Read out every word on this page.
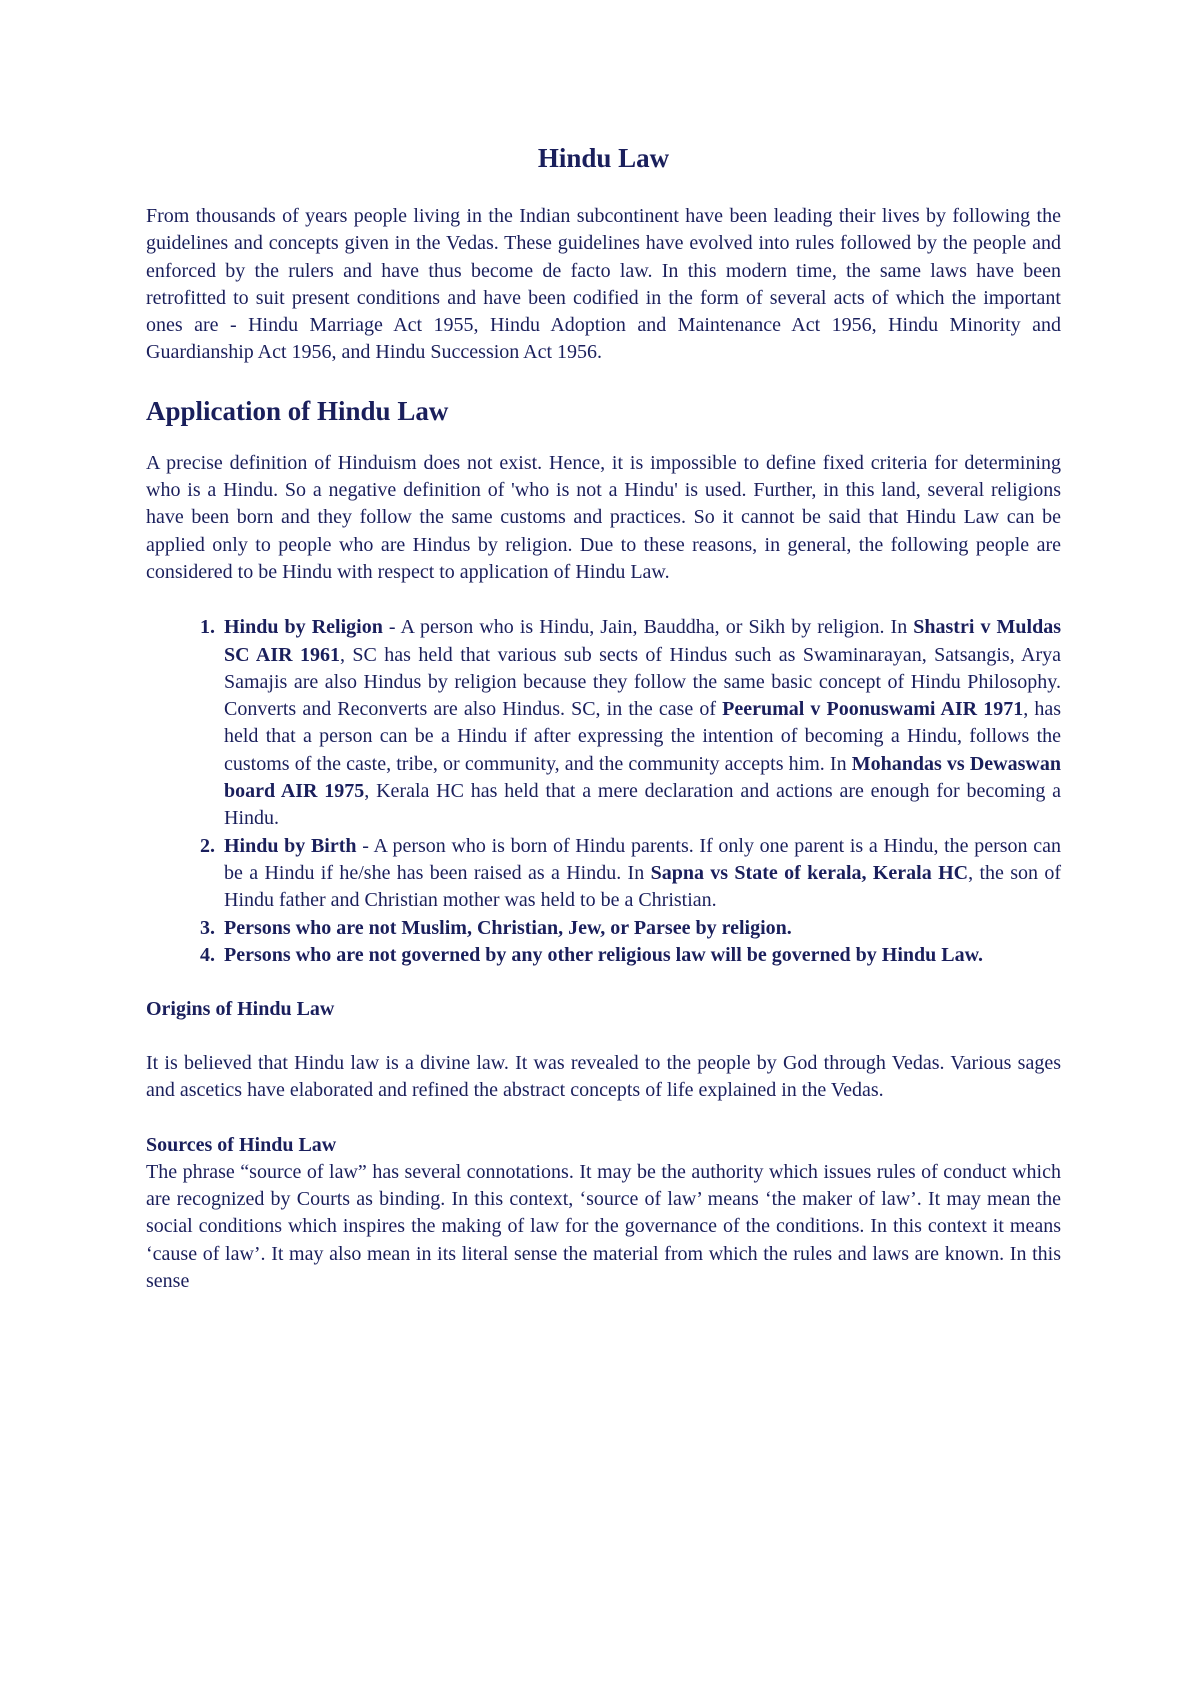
Hindu Law

From thousands of years people living in the Indian subcontinent have been leading their lives by following the guidelines and concepts given in the Vedas. These guidelines have evolved into rules followed by the people and enforced by the rulers and have thus become de facto law. In this modern time, the same laws have been retrofitted to suit present conditions and have been codified in the form of several acts of which the important ones are - Hindu Marriage Act 1955, Hindu Adoption and Maintenance Act 1956, Hindu Minority and Guardianship Act 1956, and Hindu Succession Act 1956.

Application of Hindu Law

A precise definition of Hinduism does not exist. Hence, it is impossible to define fixed criteria for determining who is a Hindu. So a negative definition of 'who is not a Hindu' is used. Further, in this land, several religions have been born and they follow the same customs and practices. So it cannot be said that Hindu Law can be applied only to people who are Hindus by religion. Due to these reasons, in general, the following people are considered to be Hindu with respect to application of Hindu Law.

1. Hindu by Religion - A person who is Hindu, Jain, Bauddha, or Sikh by religion. In Shastri v Muldas SC AIR 1961, SC has held that various sub sects of Hindus such as Swaminarayan, Satsangis, Arya Samajis are also Hindus by religion because they follow the same basic concept of Hindu Philosophy. Converts and Reconverts are also Hindus. SC, in the case of Peerumal v Poonuswami AIR 1971, has held that a person can be a Hindu if after expressing the intention of becoming a Hindu, follows the customs of the caste, tribe, or community, and the community accepts him. In Mohandas vs Dewaswan board AIR 1975, Kerala HC has held that a mere declaration and actions are enough for becoming a Hindu.
2. Hindu by Birth - A person who is born of Hindu parents. If only one parent is a Hindu, the person can be a Hindu if he/she has been raised as a Hindu. In Sapna vs State of kerala, Kerala HC, the son of Hindu father and Christian mother was held to be a Christian.
3. Persons who are not Muslim, Christian, Jew, or Parsee by religion.
4. Persons who are not governed by any other religious law will be governed by Hindu Law.
Origins of Hindu Law

It is believed that Hindu law is a divine law. It was revealed to the people by God through Vedas. Various sages and ascetics have elaborated and refined the abstract concepts of life explained in the Vedas.

Sources of Hindu Law

The phrase “source of law” has several connotations. It may be the authority which issues rules of conduct which are recognized by Courts as binding. In this context, ‘source of law’ means ‘the maker of law’. It may mean the social conditions which inspires the making of law for the governance of the conditions. In this context it means ‘cause of law’. It may also mean in its literal sense the material from which the rules and laws are known. In this sense
